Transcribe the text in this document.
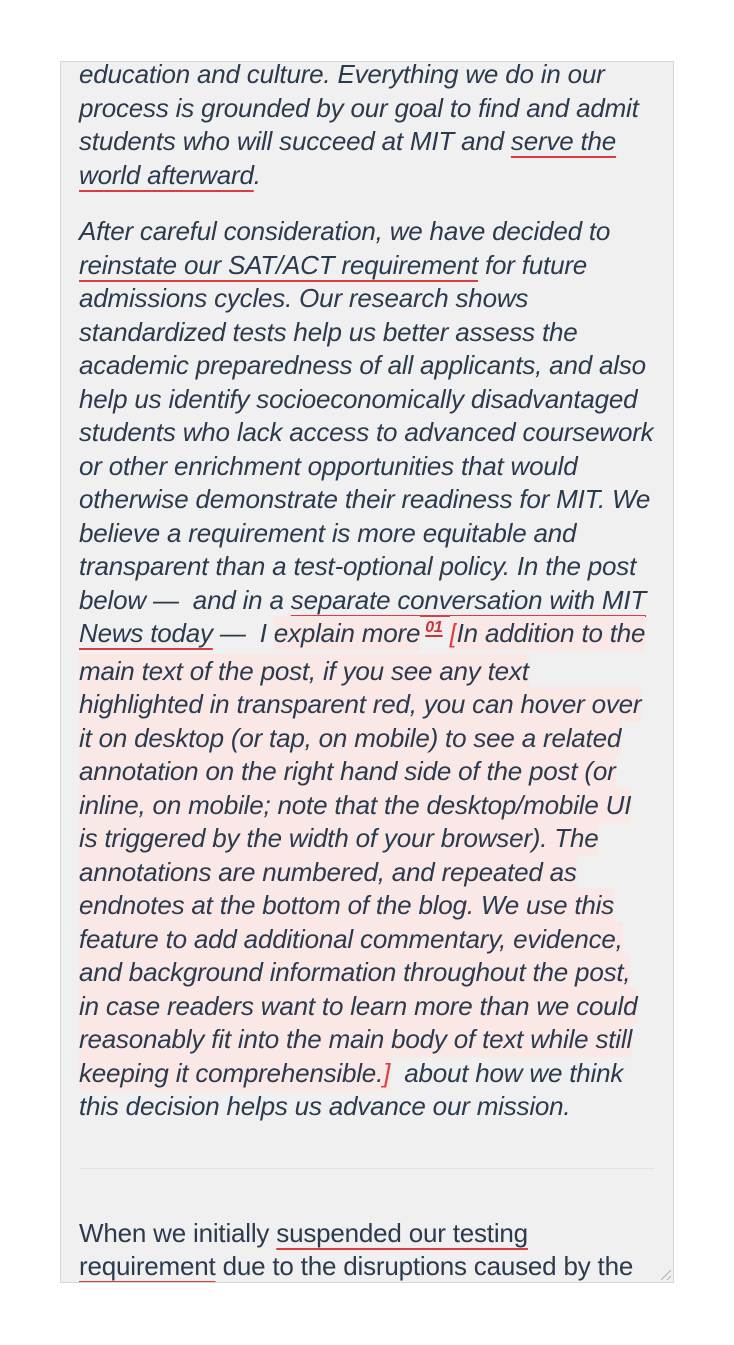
education and culture. Everything we do in our process is grounded by our goal to find and admit students who will succeed at MIT and serve the world afterward.

After careful consideration, we have decided to reinstate our SAT/ACT requirement for future admissions cycles. Our research shows standardized tests help us better assess the academic preparedness of all applicants, and also help us identify socioeconomically disadvantaged students who lack access to advanced coursework or other enrichment opportunities that would otherwise demonstrate their readiness for MIT. We believe a requirement is more equitable and transparent than a test-optional policy. In the post below —  and in a separate conversation with MIT News today —  I explain more $^{01}$ [In addition to the main text of the post, if you see any text highlighted in transparent red, you can hover over it on desktop (or tap, on mobile) to see a related annotation on the right hand side of the post (or inline, on mobile; note that the desktop/mobile UI is triggered by the width of your browser). The annotations are numbered, and repeated as endnotes at the bottom of the blog. We use this feature to add additional commentary, evidence, and background information throughout the post, in case readers want to learn more than we could reasonably fit into the main body of text while still keeping it comprehensible.]  about how we think this decision helps us advance our mission.

When we initially suspended our testing requirement due to the disruptions caused by the
